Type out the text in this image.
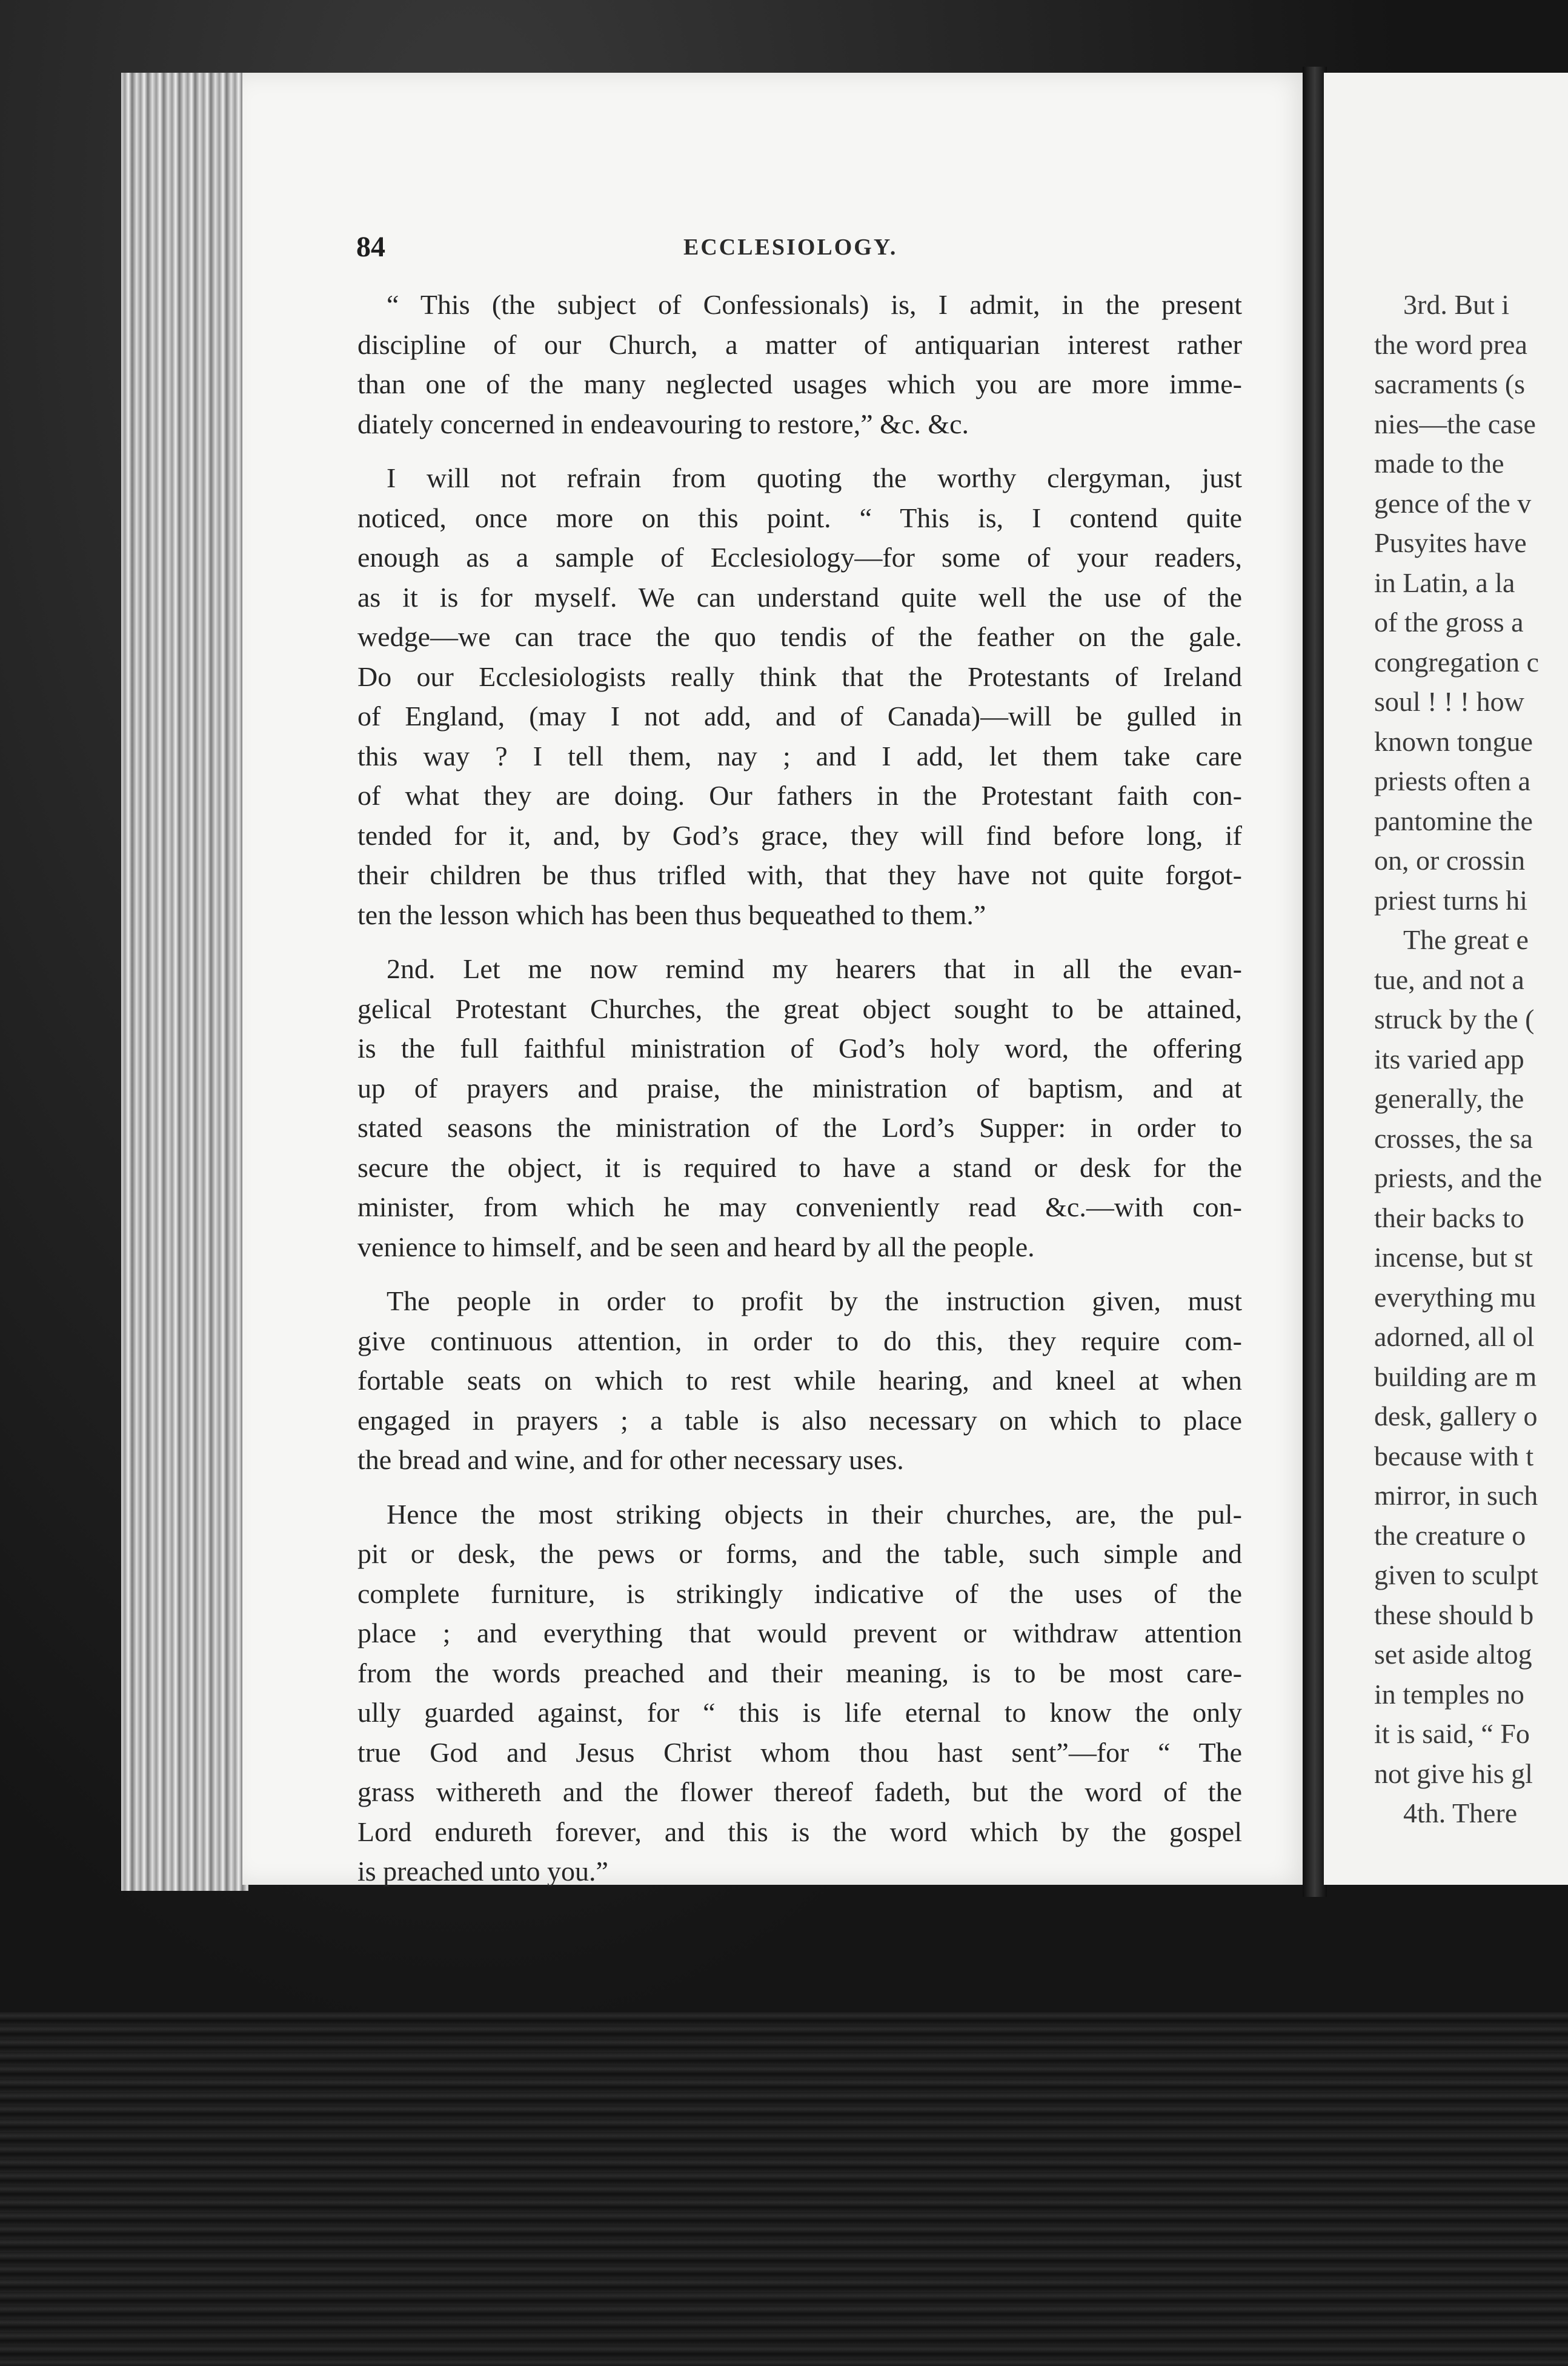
84	ECCLESIOLOGY.
“ This (the subject of Confessionals) is, I admit, in the present
discipline of our Church, a matter of antiquarian interest rather
than one of the many neglected usages which you are more imme-
diately concerned in endeavouring to restore,” &c. &c.
I will not refrain from quoting the worthy clergyman, just
noticed, once more on this point. “ This is, I contend quite
enough as a sample of Ecclesiology—for some of your readers,
as it is for myself. We can understand quite well the use of the
wedge—we can trace the quo tendis of the feather on the gale.
Do our Ecclesiologists really think that the Protestants of Ireland
of England, (may I not add, and of Canada)—will be gulled in
this way ? I tell them, nay ; and I add, let them take care
of what they are doing. Our fathers in the Protestant faith con-
tended for it, and, by God’s grace, they will find before long, if
their children be thus trifled with, that they have not quite forgot-
ten the lesson which has been thus bequeathed to them.”
2nd. Let me now remind my hearers that in all the evan-
gelical Protestant Churches, the great object sought to be attained,
is the full faithful ministration of God’s holy word, the offering
up of prayers and praise, the ministration of baptism, and at
stated seasons the ministration of the Lord’s Supper: in order to
secure the object, it is required to have a stand or desk for the
minister, from which he may conveniently read &c.—with con-
venience to himself, and be seen and heard by all the people.
The people in order to profit by the instruction given, must
give continuous attention, in order to do this, they require com-
fortable seats on which to rest while hearing, and kneel at when
engaged in prayers ; a table is also necessary on which to place
the bread and wine, and for other necessary uses.
Hence the most striking objects in their churches, are, the pul-
pit or desk, the pews or forms, and the table, such simple and
complete furniture, is strikingly indicative of the uses of the
place ; and everything that would prevent or withdraw attention
from the words preached and their meaning, is to be most care-
ully guarded against, for “ this is life eternal to know the only
true God and Jesus Christ whom thou hast sent”—for “ The
grass withereth and the flower thereof fadeth, but the word of the
Lord endureth forever, and this is the word which by the gospel
is preached unto you.”
3rd. But i
the word prea
sacraments (s
nies—the case
made to the
gence of the v
Pusyites have
in Latin, a la
of the gross a
congregation c
soul ! ! ! how
known tongue
priests often a
pantomine the
on, or crossin
priest turns hi
The great e
tue, and not a
struck by the (
its varied app
generally, the
crosses, the sa
priests, and the
their backs to
incense, but st
everything mu
adorned, all ol
building are m
desk, gallery o
because with t
mirror, in such
the creature o
given to sculpt
these should b
set aside altog
in temples no
it is said, “ Fo
not give his gl
4th. There
